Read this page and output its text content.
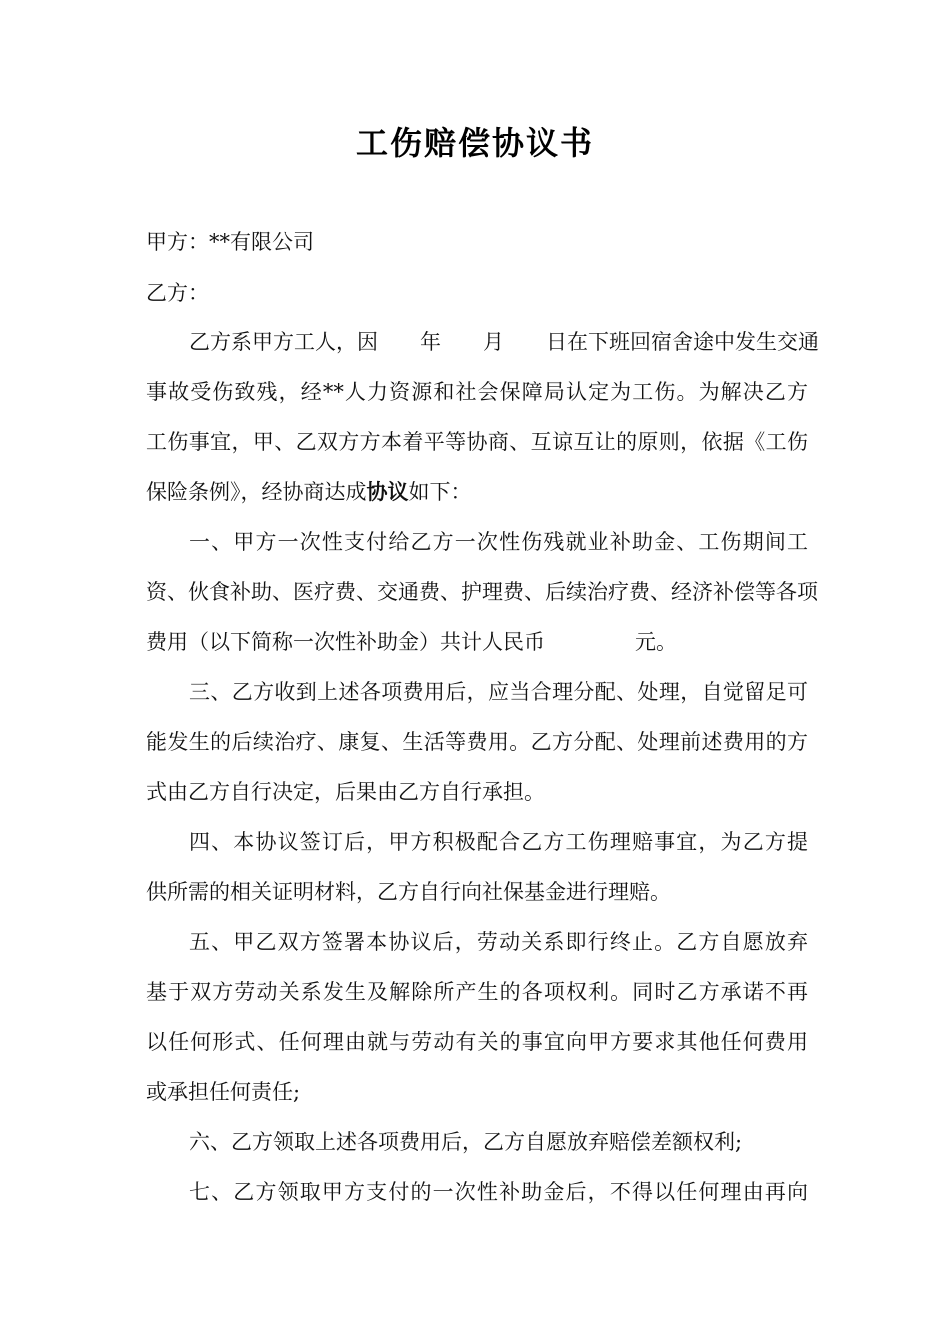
工伤赔偿协议书

甲方：**有限公司

乙方：

乙方系甲方工人，因　　年　　月　　日在下班回宿舍途中发生交通

事故受伤致残，经**人力资源和社会保障局认定为工伤。为解决乙方

工伤事宜，甲、乙双方方本着平等协商、互谅互让的原则，依据《工伤

保险条例》，经协商达成协议如下：

一、甲方一次性支付给乙方一次性伤残就业补助金、工伤期间工

资、伙食补助、医疗费、交通费、护理费、后续治疗费、经济补偿等各项

费用（以下简称一次性补助金）共计人民币	元。

三、乙方收到上述各项费用后，应当合理分配、处理，自觉留足可

能发生的后续治疗、康复、生活等费用。乙方分配、处理前述费用的方

式由乙方自行决定，后果由乙方自行承担。

四、本协议签订后，甲方积极配合乙方工伤理赔事宜，为乙方提

供所需的相关证明材料，乙方自行向社保基金进行理赔。

五、甲乙双方签署本协议后，劳动关系即行终止。乙方自愿放弃

基于双方劳动关系发生及解除所产生的各项权利。同时乙方承诺不再

以任何形式、任何理由就与劳动有关的事宜向甲方要求其他任何费用

或承担任何责任;

六、乙方领取上述各项费用后，乙方自愿放弃赔偿差额权利;

七、乙方领取甲方支付的一次性补助金后，不得以任何理由再向
